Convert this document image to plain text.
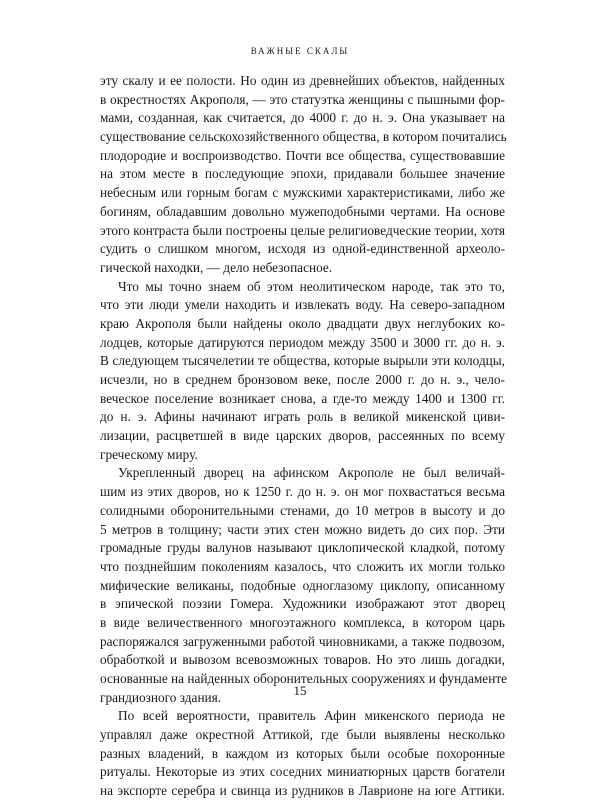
ВАЖНЫЕ СКАЛЫ
эту скалу и ее полости. Но один из древнейших объектов, найденных
в окрестностях Акрополя, — это статуэтка женщины с пышными фор-
мами, созданная, как считается, до 4000 г. до н. э. Она указывает на
существование сельскохозяйственного общества, в котором почитались
плодородие и воспроизводство. Почти все общества, существовавшие
на этом месте в последующие эпохи, придавали большее значение
небесным или горным богам с мужскими характеристиками, либо же
богиням, обладавшим довольно мужеподобными чертами. На основе
этого контраста были построены целые религиоведческие теории, хотя
судить о слишком многом, исходя из одной-единственной археоло-
гической находки, — дело небезопасное.
Что мы точно знаем об этом неолитическом народе, так это то,
что эти люди умели находить и извлекать воду. На северо-западном
краю Акрополя были найдены около двадцати двух неглубоких ко-
лодцев, которые датируются периодом между 3500 и 3000 гг. до н. э.
В следующем тысячелетии те общества, которые вырыли эти колодцы,
исчезли, но в среднем бронзовом веке, после 2000 г. до н. э., чело-
веческое поселение возникает снова, а где-то между 1400 и 1300 гг.
до н. э. Афины начинают играть роль в великой микенской циви-
лизации, расцветшей в виде царских дворов, рассеянных по всему
греческому миру.
Укрепленный дворец на афинском Акрополе не был величай-
шим из этих дворов, но к 1250 г. до н. э. он мог похвастаться весьма
солидными оборонительными стенами, до 10 метров в высоту и до
5 метров в толщину; части этих стен можно видеть до сих пор. Эти
громадные груды валунов называют циклопической кладкой, потому
что позднейшим поколениям казалось, что сложить их могли только
мифические великаны, подобные одноглазому циклопу, описанному
в эпической поэзии Гомера. Художники изображают этот дворец
в виде величественного многоэтажного комплекса, в котором царь
распоряжался загруженными работой чиновниками, а также подвозом,
обработкой и вывозом всевозможных товаров. Но это лишь догадки,
основанные на найденных оборонительных сооружениях и фундаменте
грандиозного здания.
По всей вероятности, правитель Афин микенского периода не
управлял даже окрестной Аттикой, где были выявлены несколько
разных владений, в каждом из которых были особые похоронные
ритуалы. Некоторые из этих соседних миниатюрных царств богатели
на экспорте серебра и свинца из рудников в Лаврионе на юге Аттики.
15
